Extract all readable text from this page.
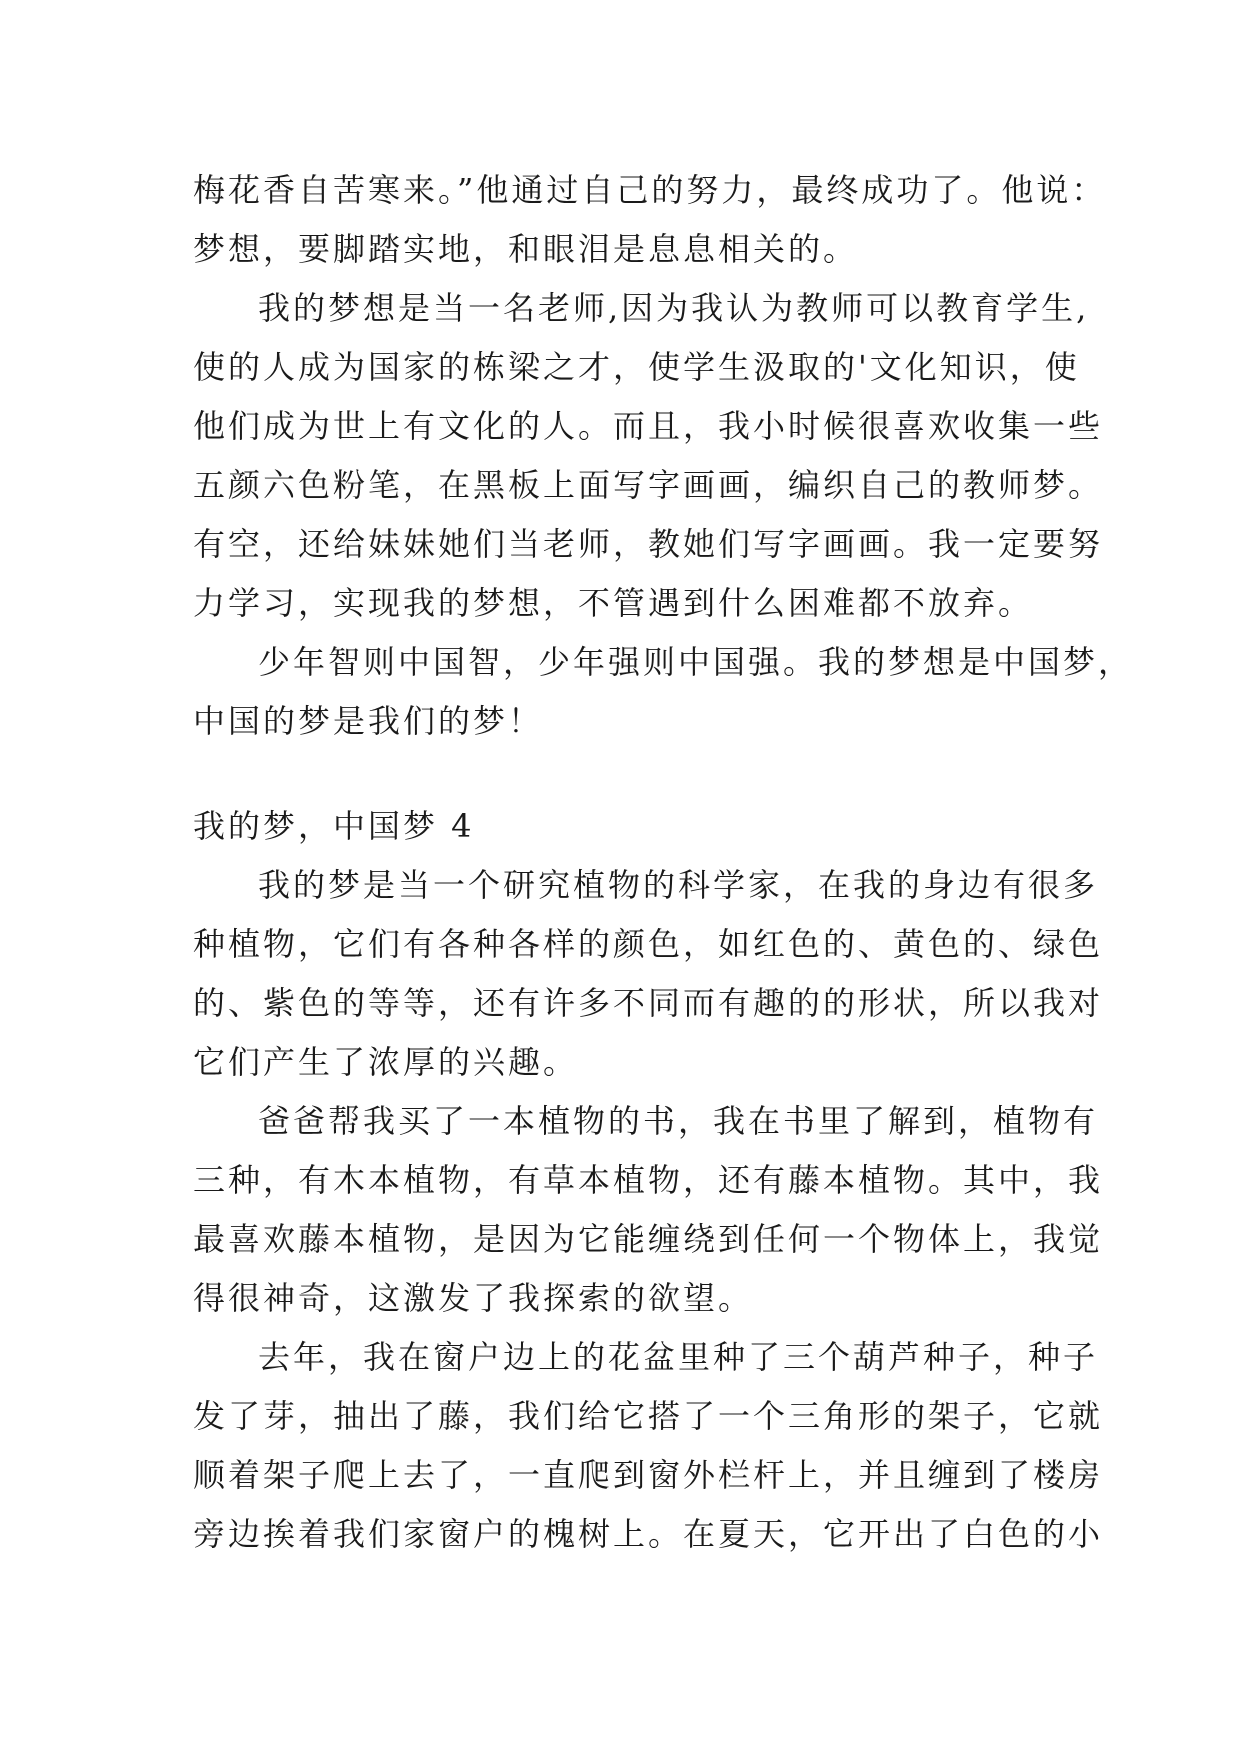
梅花香自苦寒来。”他通过自己的努力，最终成功了。他说：
梦想，要脚踏实地，和眼泪是息息相关的。
我的梦想是当一名老师,因为我认为教师可以教育学生,
使的人成为国家的栋梁之才，使学生汲取的'文化知识，使
他们成为世上有文化的人。而且，我小时候很喜欢收集一些
五颜六色粉笔，在黑板上面写字画画，编织自己的教师梦。
有空，还给妹妹她们当老师，教她们写字画画。我一定要努
力学习，实现我的梦想，不管遇到什么困难都不放弃。
少年智则中国智，少年强则中国强。我的梦想是中国梦，
中国的梦是我们的梦！
我的梦，中国梦 4
我的梦是当一个研究植物的科学家，在我的身边有很多
种植物，它们有各种各样的颜色，如红色的、黄色的、绿色
的、紫色的等等，还有许多不同而有趣的的形状，所以我对
它们产生了浓厚的兴趣。
爸爸帮我买了一本植物的书，我在书里了解到，植物有
三种，有木本植物，有草本植物，还有藤本植物。其中，我
最喜欢藤本植物，是因为它能缠绕到任何一个物体上，我觉
得很神奇，这激发了我探索的欲望。
去年，我在窗户边上的花盆里种了三个葫芦种子，种子
发了芽，抽出了藤，我们给它搭了一个三角形的架子，它就
顺着架子爬上去了，一直爬到窗外栏杆上，并且缠到了楼房
旁边挨着我们家窗户的槐树上。在夏天，它开出了白色的小
